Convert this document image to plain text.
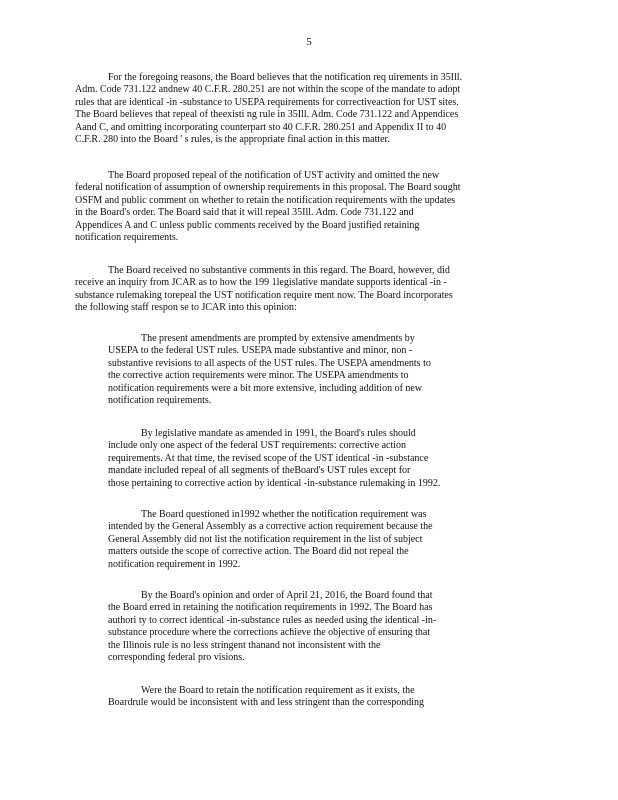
5
For the foregoing reasons, the Board believes that the notification req uirements in 35Ill.
Adm. Code 731.122 andnew 40 C.F.R. 280.251 are not within the scope of the mandate to adopt
rules that are identical -in -substance to USEPA requirements for correctiveaction for UST sites.
The Board believes that repeal of theexisti ng rule in 35Ill. Adm. Code 731.122 and Appendices
Aand C, and omitting incorporating counterpart sto 40 C.F.R. 280.251 and Appendix II to 40
C.F.R. 280 into the Board ' s rules, is the appropriate final action in this matter.
The Board proposed repeal of the notification of UST activity and omitted the new
federal notification of assumption of ownership requirements in this proposal. The Board sought
OSFM and public comment on whether to retain the notification requirements with the updates
in the Board's order. The Board said that it will repeal 35Ill. Adm. Code 731.122 and
Appendices A and C unless public comments received by the Board justified retaining
notification requirements.
The Board received no substantive comments in this regard. The Board, however, did
receive an inquiry from JCAR as to how the 199 1legislative mandate supports identical -in -
substance rulemaking torepeal the UST notification require ment now. The Board incorporates
the following staff respon se to JCAR into this opinion:
The present amendments are prompted by extensive amendments by
USEPA to the federal UST rules. USEPA made substantive and minor, non -
substantive revisions to all aspects of the UST rules. The USEPA amendments to
the corrective action requirements were minor. The USEPA amendments to
notification requirements were a bit more extensive, including addition of new
notification requirements.
By legislative mandate as amended in 1991, the Board's rules should
include only one aspect of the federal UST requirements: corrective action
requirements. At that time, the revised scope of the UST identical -in -substance
mandate included repeal of all segments of theBoard's UST rules except for
those pertaining to corrective action by identical -in-substance rulemaking in 1992.
The Board questioned in1992 whether the notification requirement was
intended by the General Assembly as a corrective action requirement because the
General Assembly did not list the notification requirement in the list of subject
matters outside the scope of corrective action. The Board did not repeal the
notification requirement in 1992.
By the Board's opinion and order of April 21, 2016, the Board found that
the Board erred in retaining the notification requirements in 1992. The Board has
authori ty to correct identical -in-substance rules as needed using the identical -in-
substance procedure where the corrections achieve the objective of ensuring that
the Illinois rule is no less stringent thanand not inconsistent with the
corresponding federal pro visions.
Were the Board to retain the notification requirement as it exists, the
Boardrule would be inconsistent with and less stringent than the corresponding
